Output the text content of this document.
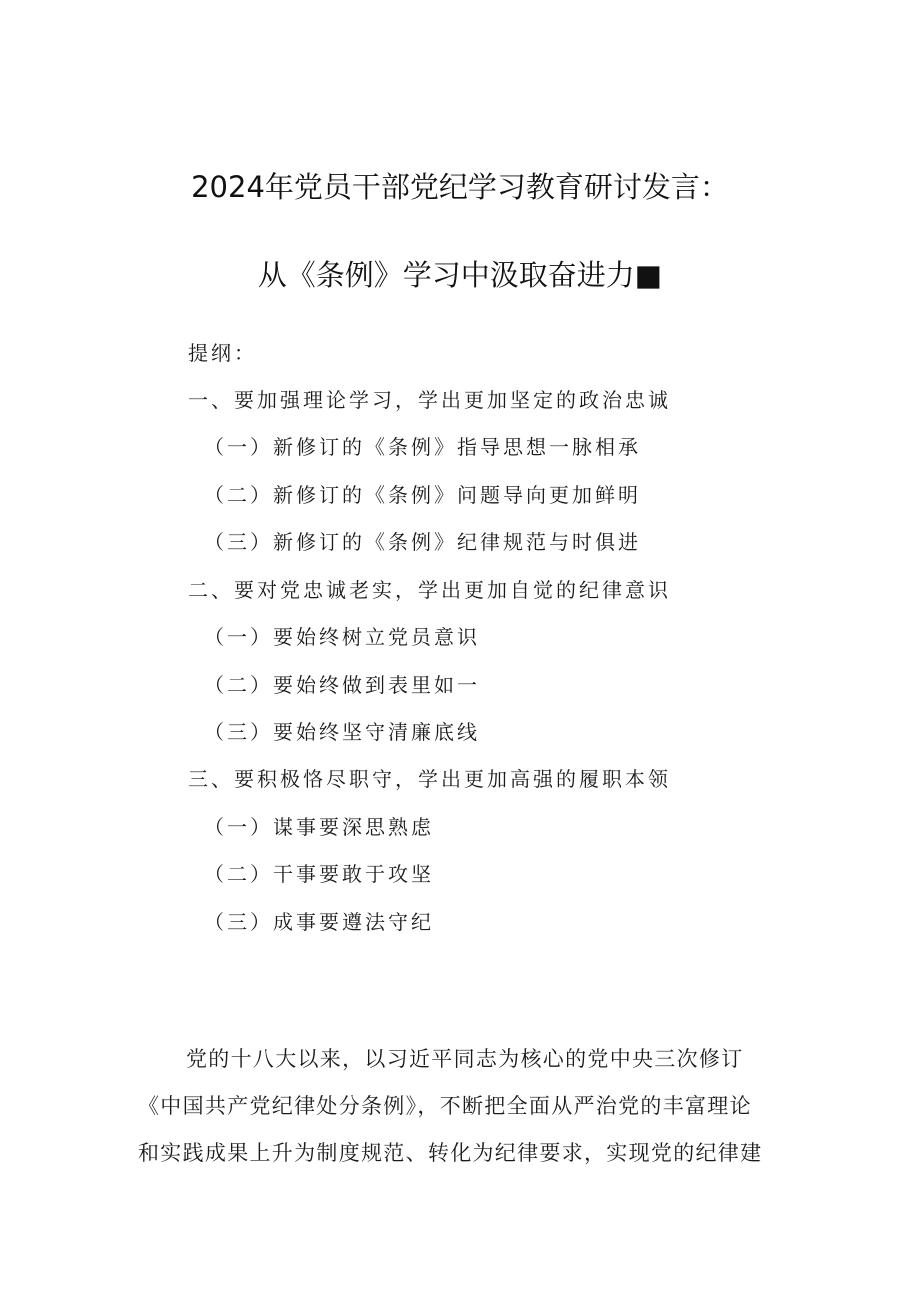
2024年党员干部党纪学习教育研讨发言：
从《条例》学习中汲取奋进力■
提纲：
一、要加强理论学习，学出更加坚定的政治忠诚
（一）新修订的《条例》指导思想一脉相承
（二）新修订的《条例》问题导向更加鲜明
（三）新修订的《条例》纪律规范与时俱进
二、要对党忠诚老实，学出更加自觉的纪律意识
（一）要始终树立党员意识
（二）要始终做到表里如一
（三）要始终坚守清廉底线
三、要积极恪尽职守，学出更加高强的履职本领
（一）谋事要深思熟虑
（二）干事要敢于攻坚
（三）成事要遵法守纪
党的十八大以来，以习近平同志为核心的党中央三次修订
《中国共产党纪律处分条例》，不断把全面从严治党的丰富理论
和实践成果上升为制度规范、转化为纪律要求，实现党的纪律建
